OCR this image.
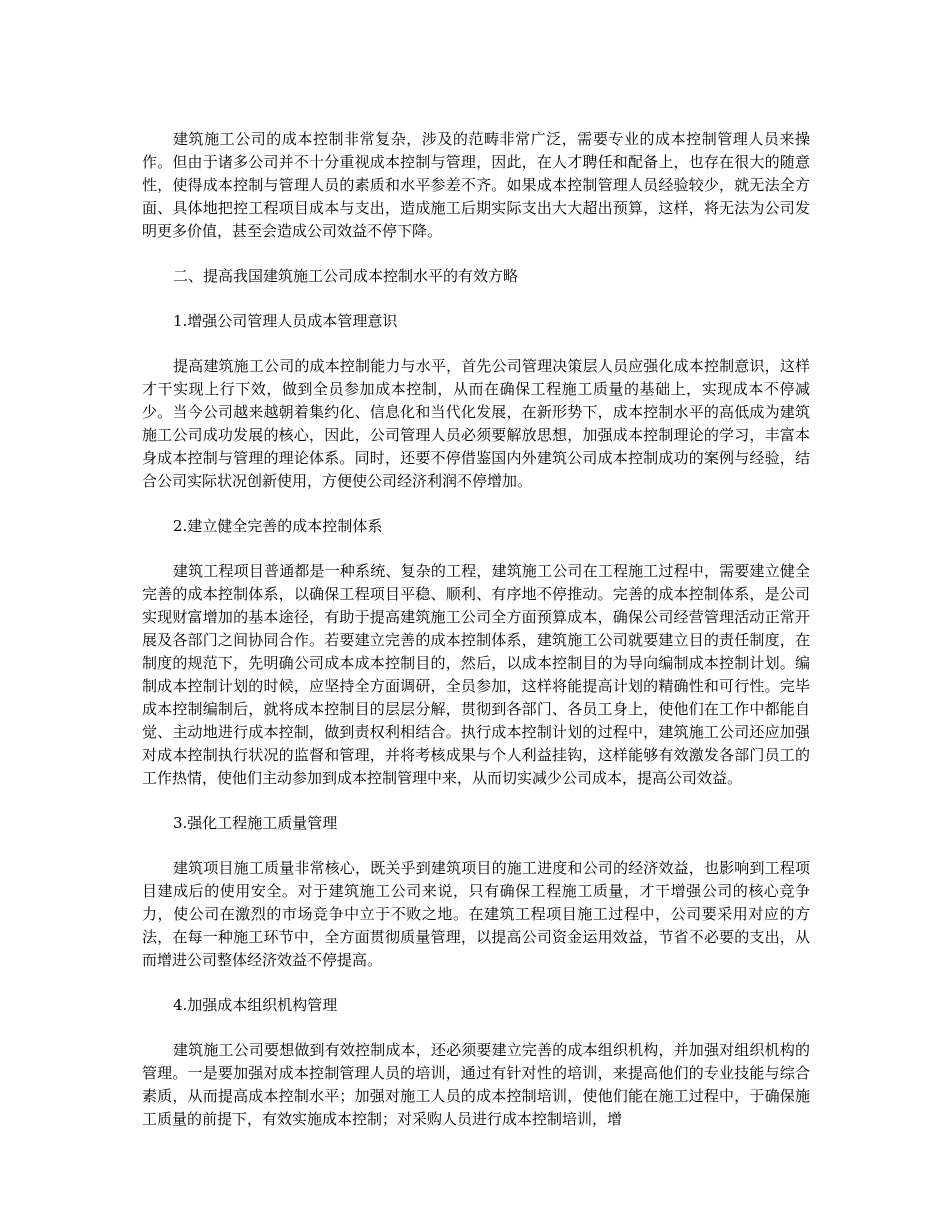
建筑施工公司的成本控制非常复杂，涉及的范畴非常广泛，需要专业的成本控制管理人员来操作。但由于诸多公司并不十分重视成本控制与管理，因此，在人才聘任和配备上，也存在很大的随意性，使得成本控制与管理人员的素质和水平参差不齐。如果成本控制管理人员经验较少，就无法全方面、具体地把控工程项目成本与支出，造成施工后期实际支出大大超出预算，这样，将无法为公司发明更多价值，甚至会造成公司效益不停下降。

二、提高我国建筑施工公司成本控制水平的有效方略

1.增强公司管理人员成本管理意识

提高建筑施工公司的成本控制能力与水平，首先公司管理决策层人员应强化成本控制意识，这样才干实现上行下效，做到全员参加成本控制，从而在确保工程施工质量的基础上，实现成本不停减少。当今公司越来越朝着集约化、信息化和当代化发展，在新形势下，成本控制水平的高低成为建筑施工公司成功发展的核心，因此，公司管理人员必须要解放思想，加强成本控制理论的学习，丰富本身成本控制与管理的理论体系。同时，还要不停借鉴国内外建筑公司成本控制成功的案例与经验，结合公司实际状况创新使用，方便使公司经济利润不停增加。

2.建立健全完善的成本控制体系

建筑工程项目普通都是一种系统、复杂的工程，建筑施工公司在工程施工过程中，需要建立健全完善的成本控制体系，以确保工程项目平稳、顺利、有序地不停推动。完善的成本控制体系，是公司实现财富增加的基本途径，有助于提高建筑施工公司全方面预算成本，确保公司经营管理活动正常开展及各部门之间协同合作。若要建立完善的成本控制体系，建筑施工公司就要建立目的责任制度，在制度的规范下，先明确公司成本成本控制目的，然后，以成本控制目的为导向编制成本控制计划。编制成本控制计划的时候，应坚持全方面调研，全员参加，这样将能提高计划的精确性和可行性。完毕成本控制编制后，就将成本控制目的层层分解，贯彻到各部门、各员工身上，使他们在工作中都能自觉、主动地进行成本控制，做到责权利相结合。执行成本控制计划的过程中，建筑施工公司还应加强对成本控制执行状况的监督和管理，并将考核成果与个人利益挂钩，这样能够有效激发各部门员工的工作热情，使他们主动参加到成本控制管理中来，从而切实减少公司成本，提高公司效益。

3.强化工程施工质量管理

建筑项目施工质量非常核心，既关乎到建筑项目的施工进度和公司的经济效益，也影响到工程项目建成后的使用安全。对于建筑施工公司来说，只有确保工程施工质量，才干增强公司的核心竞争力，使公司在激烈的市场竞争中立于不败之地。在建筑工程项目施工过程中，公司要采用对应的方法，在每一种施工环节中，全方面贯彻质量管理，以提高公司资金运用效益，节省不必要的支出，从而增进公司整体经济效益不停提高。

4.加强成本组织机构管理

建筑施工公司要想做到有效控制成本，还必须要建立完善的成本组织机构，并加强对组织机构的管理。一是要加强对成本控制管理人员的培训，通过有针对性的培训，来提高他们的专业技能与综合素质，从而提高成本控制水平；加强对施工人员的成本控制培训，使他们能在施工过程中，于确保施工质量的前提下，有效实施成本控制；对采购人员进行成本控制培训，增
